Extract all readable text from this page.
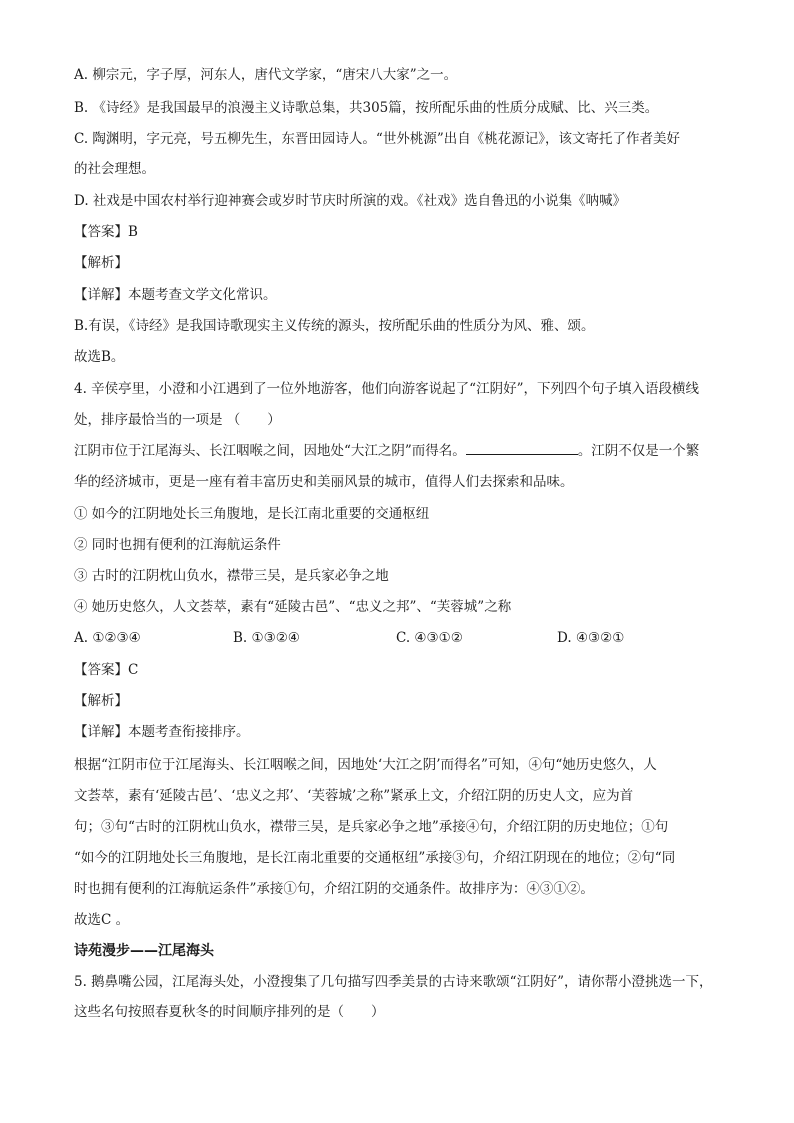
A. 柳宗元，字子厚，河东人，唐代文学家，“唐宋八大家”之一。
B. 《诗经》是我国最早的浪漫主义诗歌总集，共305篇，按所配乐曲的性质分成赋、比、兴三类。
C. 陶渊明，字元亮，号五柳先生，东晋田园诗人。“世外桃源”出自《桃花源记》，该文寄托了作者美好
的社会理想。
D. 社戏是中国农村举行迎神赛会或岁时节庆时所演的戏。《社戏》选自鲁迅的小说集《呐喊》
【答案】B
【解析】
【详解】本题考查文学文化常识。
B.有误，《诗经》是我国诗歌现实主义传统的源头，按所配乐曲的性质分为风、雅、颂。
故选B。
4. 辛侯亭里，小澄和小江遇到了一位外地游客，他们向游客说起了“江阴好”，下列四个句子填入语段横线
处，排序最恰当的一项是 （　　）
江阴市位于江尾海头、长江咽喉之间，因地处“大江之阴”而得名。	。江阴不仅是一个繁
华的经济城市，更是一座有着丰富历史和美丽风景的城市，值得人们去探索和品味。
① 如今的江阴地处长三角腹地，是长江南北重要的交通枢纽
② 同时也拥有便利的江海航运条件
③ 古时的江阴枕山负水，襟带三吴，是兵家必争之地
④ 她历史悠久，人文荟萃，素有“延陵古邑”、“忠义之邦”、“芙蓉城”之称
A. ①②③④	B. ①③②④	C. ④③①②	D. ④③②①
【答案】C
【解析】
【详解】本题考查衔接排序。
根据“江阴市位于江尾海头、长江咽喉之间，因地处‘大江之阴’而得名”可知，④句“她历史悠久，人
文荟萃，素有‘延陵古邑’、‘忠义之邦’、‘芙蓉城’之称”紧承上文，介绍江阴的历史人文，应为首
句；③句“古时的江阴枕山负水，襟带三吴，是兵家必争之地”承接④句，介绍江阴的历史地位；①句
“如今的江阴地处长三角腹地，是长江南北重要的交通枢纽”承接③句，介绍江阴现在的地位；②句“同
时也拥有便利的江海航运条件”承接①句，介绍江阴的交通条件。故排序为：④③①②。
故选C 。
诗苑漫步——江尾海头
5. 鹅鼻嘴公园，江尾海头处，小澄搜集了几句描写四季美景的古诗来歌颂“江阴好”，请你帮小澄挑选一下，
这些名句按照春夏秋冬的时间顺序排列的是（　　）
